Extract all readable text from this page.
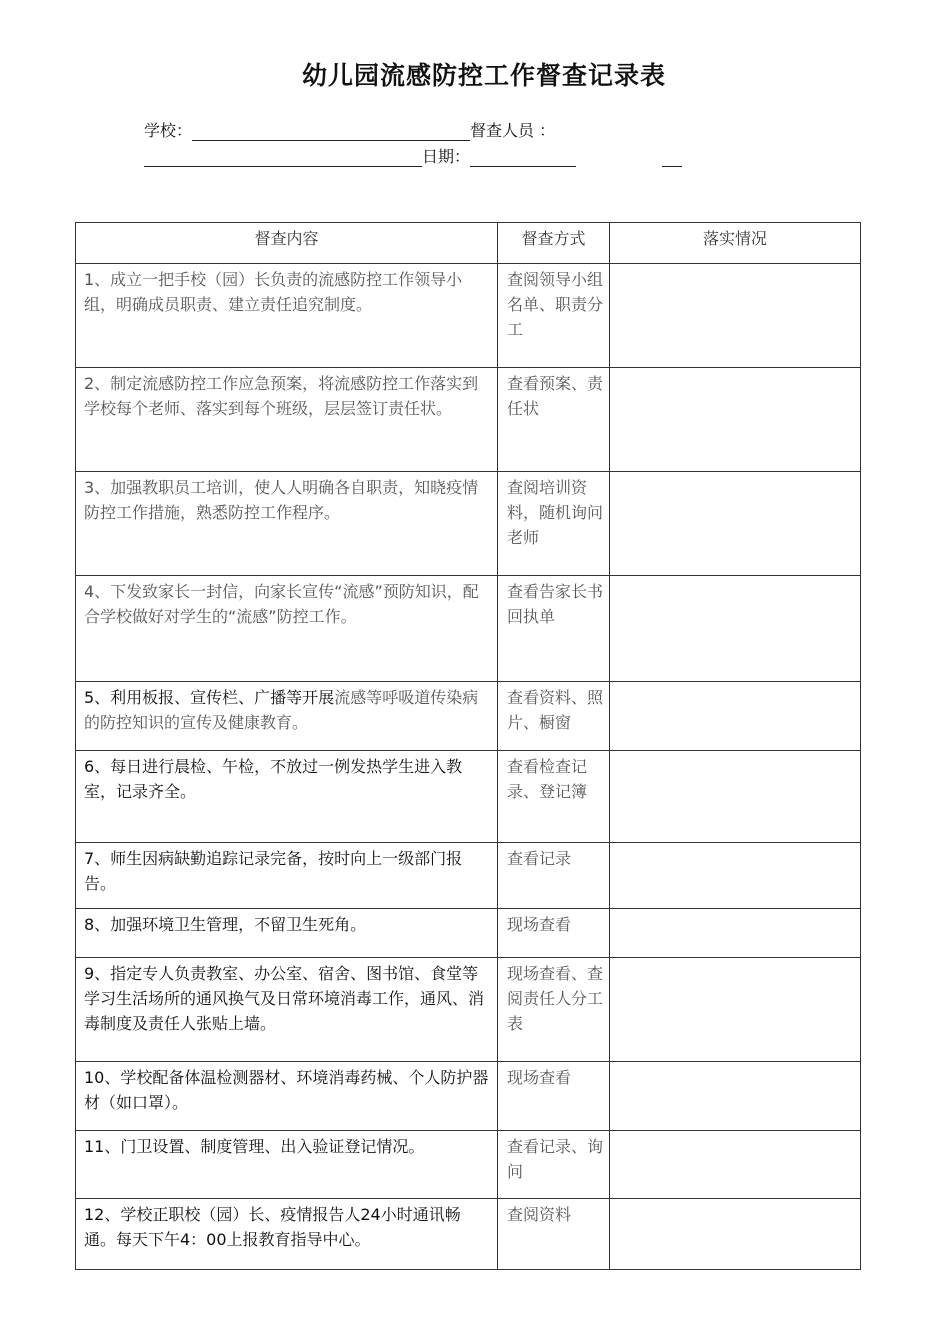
幼儿园流感防控工作督查记录表
学校：	督查人员 ：
日期：
督查内容	督查方式	落实情况
1、成立一把手校（园）长负责的流感防控工作领导小组，明确成员职责、建立责任追究制度。	查阅领导小组名单、职责分工	
2、制定流感防控工作应急预案，将流感防控工作落实到学校每个老师、落实到每个班级，层层签订责任状。	查看预案、责任状	
3、加强教职员工培训，使人人明确各自职责，知晓疫情防控工作措施，熟悉防控工作程序。	查阅培训资料，随机询问老师	
4、下发致家长一封信，向家长宣传“流感”预防知识，配合学校做好对学生的“流感”防控工作。	查看告家长书回执单	
5、利用板报、宣传栏、广播等开展流感等呼吸道传染病的防控知识的宣传及健康教育。	查看资料、照片、橱窗	
6、每日进行晨检、午检，不放过一例发热学生进入教室，记录齐全。	查看检查记录、登记簿	
7、师生因病缺勤追踪记录完备，按时向上一级部门报告。	查看记录	
8、加强环境卫生管理，不留卫生死角。	现场查看	
9、指定专人负责教室、办公室、宿舍、图书馆、食堂等学习生活场所的通风换气及日常环境消毒工作，通风、消毒制度及责任人张贴上墙。	现场查看、查阅责任人分工表	
10、学校配备体温检测器材、环境消毒药械、个人防护器材（如口罩）。	现场查看	
11、门卫设置、制度管理、出入验证登记情况。	查看记录、询问	
12、学校正职校（园）长、疫情报告人24小时通讯畅通。每天下午4：00上报教育指导中心。	查阅资料	
